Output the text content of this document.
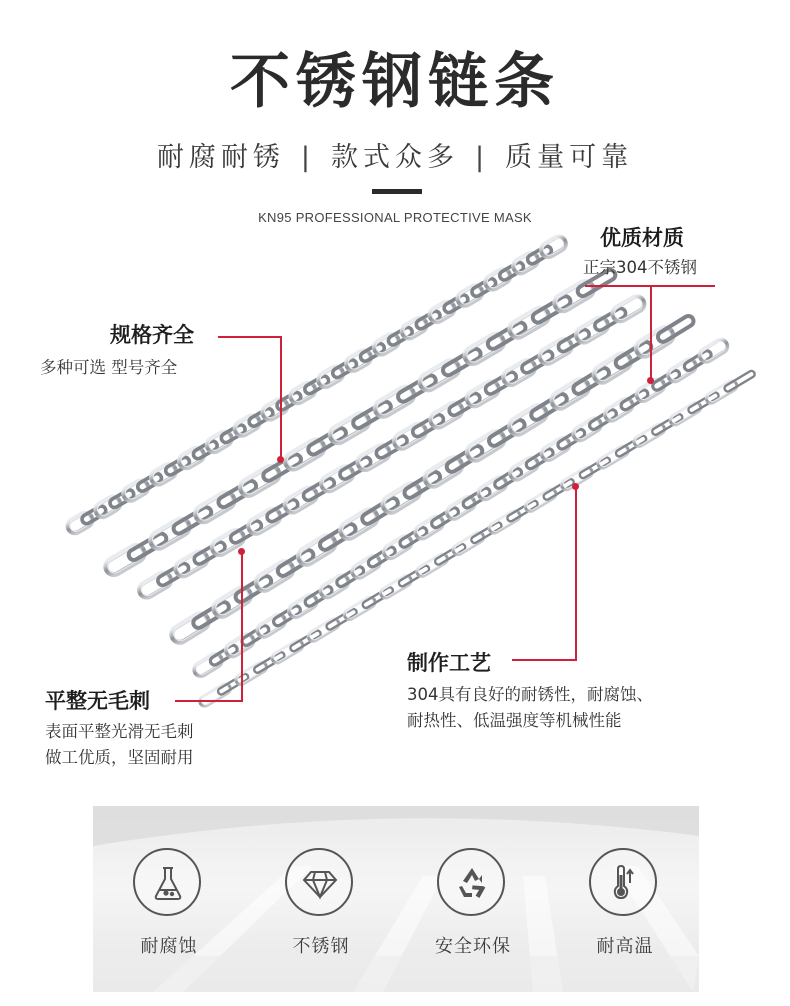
不锈钢链条
耐腐耐锈 | 款式众多 | 质量可靠
KN95 PROFESSIONAL PROTECTIVE MASK
优质材质
正宗304不锈钢
规格齐全
多种可选 型号齐全
平整无毛刺
表面平整光滑无毛刺
做工优质，坚固耐用
制作工艺
304具有良好的耐锈性，耐腐蚀、
耐热性、低温强度等机械性能
耐腐蚀	不锈钢	安全环保	耐高温
